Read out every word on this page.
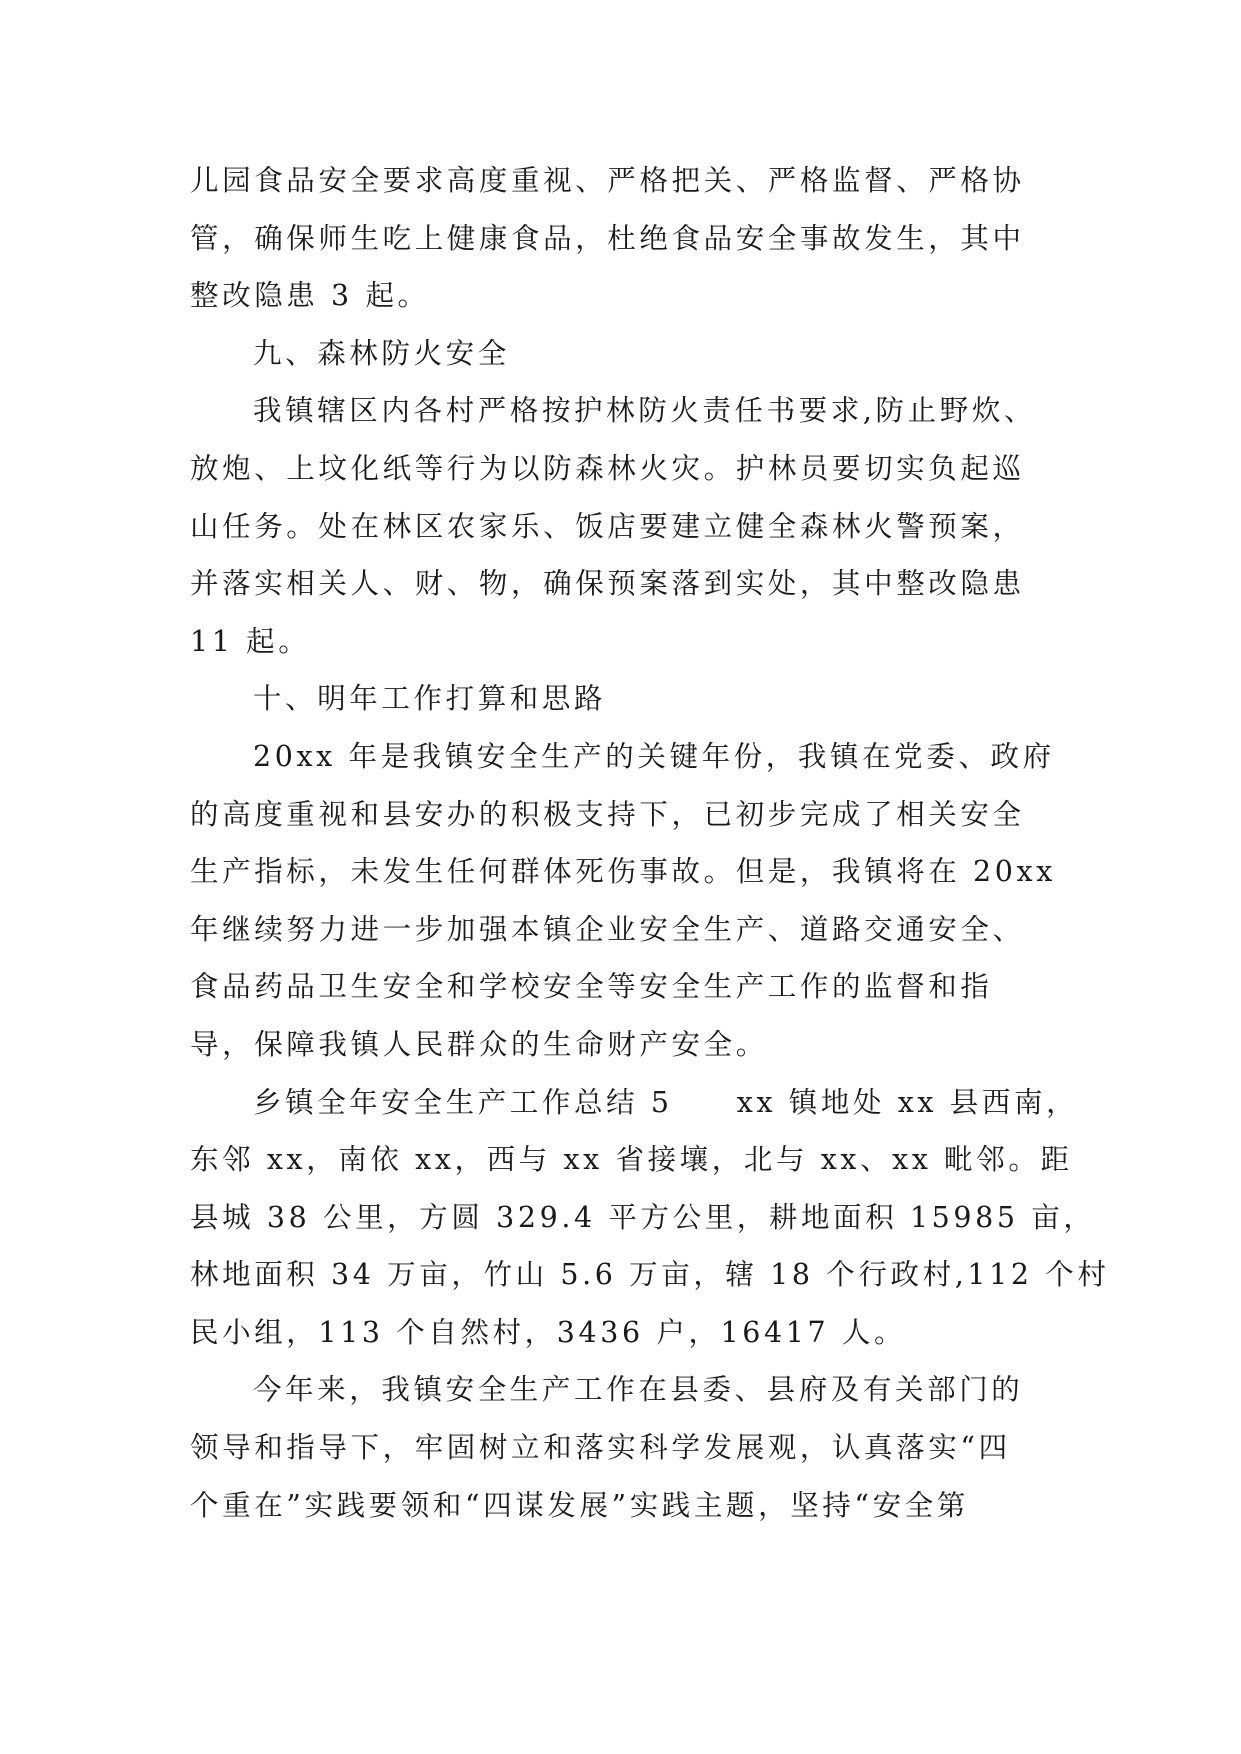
儿园食品安全要求高度重视、严格把关、严格监督、严格协
管，确保师生吃上健康食品，杜绝食品安全事故发生，其中
整改隐患 3 起。
九、森林防火安全
我镇辖区内各村严格按护林防火责任书要求,防止野炊、
放炮、上坟化纸等行为以防森林火灾。护林员要切实负起巡
山任务。处在林区农家乐、饭店要建立健全森林火警预案，
并落实相关人、财、物，确保预案落到实处，其中整改隐患
11 起。
十、明年工作打算和思路
20xx 年是我镇安全生产的关键年份，我镇在党委、政府
的高度重视和县安办的积极支持下，已初步完成了相关安全
生产指标，未发生任何群体死伤事故。但是，我镇将在 20xx
年继续努力进一步加强本镇企业安全生产、道路交通安全、
食品药品卫生安全和学校安全等安全生产工作的监督和指
导，保障我镇人民群众的生命财产安全。
乡镇全年安全生产工作总结 5　　xx 镇地处 xx 县西南，
东邻 xx，南依 xx，西与 xx 省接壤，北与 xx、xx 毗邻。距
县城 38 公里，方圆 329.4 平方公里，耕地面积 15985 亩，
林地面积 34 万亩，竹山 5.6 万亩，辖 18 个行政村,112 个村
民小组，113 个自然村，3436 户，16417 人。
今年来，我镇安全生产工作在县委、县府及有关部门的
领导和指导下，牢固树立和落实科学发展观，认真落实“四
个重在”实践要领和“四谋发展”实践主题，坚持“安全第
